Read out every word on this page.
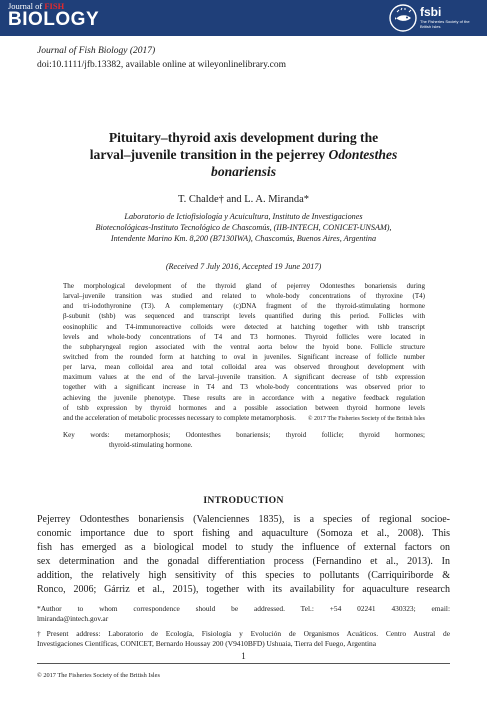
Journal of FISH
BIOLOGY	fsbi
The Fisheries Society of the British Isles
Journal of Fish Biology (2017)
doi:10.1111/jfb.13382, available online at wileyonlinelibrary.com
Pituitary–thyroid axis development during the
larval–juvenile transition in the pejerrey Odontesthes
bonariensis
T. Chalde† and L. A. Miranda*
Laboratorio de Ictiofisiología y Acuicultura, Instituto de Investigaciones
Biotecnológicas-Instituto Tecnológico de Chascomús, (IIB-INTECH, CONICET-UNSAM),
Intendente Marino Km. 8,200 (B7130IWA), Chascomús, Buenos Aires, Argentina
(Received 7 July 2016, Accepted 19 June 2017)
The morphological development of the thyroid gland of pejerrey Odontesthes bonariensis during
larval–juvenile transition was studied and related to whole-body concentrations of thyroxine (T4)
and tri-iodothyronine (T3). A complementary (c)DNA fragment of the thyroid-stimulating hormone
β-subunit (tshb) was sequenced and transcript levels quantified during this period. Follicles with
eosinophilic and T4-immunoreactive colloids were detected at hatching together with tshb transcript
levels and whole-body concentrations of T4 and T3 hormones. Thyroid follicles were located in
the subpharyngeal region associated with the ventral aorta below the hyoid bone. Follicle structure
switched from the rounded form at hatching to oval in juveniles. Significant increase of follicle number
per larva, mean colloidal area and total colloidal area was observed throughout development with
maximum values at the end of the larval–juvenile transition. A significant decrease of tshb expression
together with a significant increase in T4 and T3 whole-body concentrations was observed prior to
achieving the juvenile phenotype. These results are in accordance with a negative feedback regulation
of tshb expression by thyroid hormones and a possible association between thyroid hormone levels
and the acceleration of metabolic processes necessary to complete metamorphosis.	© 2017 The Fisheries Society of the British Isles
Key words: metamorphosis; Odontesthes bonariensis; thyroid follicle; thyroid hormones;
thyroid-stimulating hormone.
INTRODUCTION
Pejerrey Odontesthes bonariensis (Valenciennes 1835), is a species of regional socioe-
conomic importance due to sport fishing and aquaculture (Somoza et al., 2008). This
fish has emerged as a biological model to study the influence of external factors on
sex determination and the gonadal differentiation process (Fernandino et al., 2013). In
addition, the relatively high sensitivity of this species to pollutants (Carriquiriborde &
Ronco, 2006; Gárriz et al., 2015), together with its availability for aquaculture research
*Author to whom correspondence should be addressed. Tel.: +54 02241 430323; email:
lmiranda@intech.gov.ar
†Present address: Laboratorio de Ecología, Fisiología y Evolución de Organismos Acuáticos. Centro Austral de
Investigaciones Científicas, CONICET, Bernardo Houssay 200 (V9410BFD) Ushuaia, Tierra del Fuego, Argentina
1
© 2017 The Fisheries Society of the British Isles
